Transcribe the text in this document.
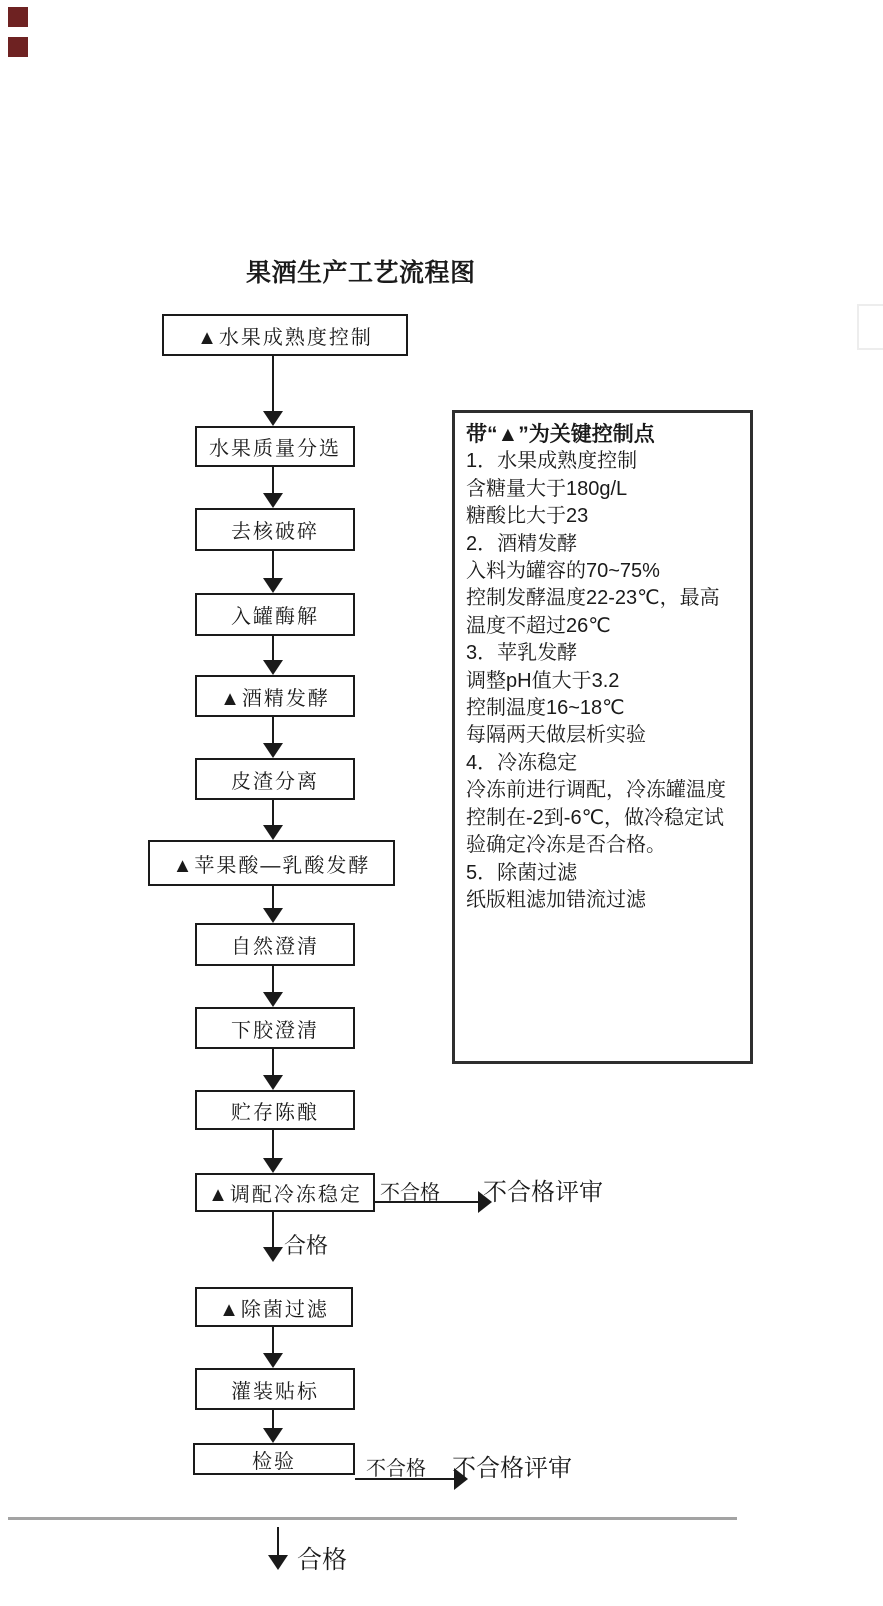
果酒生产工艺流程图
▲水果成熟度控制
水果质量分选
去核破碎
入罐酶解
▲酒精发酵
皮渣分离
▲苹果酸—乳酸发酵
自然澄清
下胶澄清
贮存陈酿
▲调配冷冻稳定
▲除菌过滤
灌装贴标
检验
不合格 不合格评审
合格
不合格 不合格评审
合格
带“▲”为关键控制点
1．水果成熟度控制
含糖量大于180g/L
糖酸比大于23
2．酒精发酵
入料为罐容的70~75%
控制发酵温度22-23℃，最高
温度不超过26℃
3．苹乳发酵
调整pH值大于3.2
控制温度16~18℃
每隔两天做层析实验
4．冷冻稳定
冷冻前进行调配，冷冻罐温度
控制在-2到-6℃，做冷稳定试
验确定冷冻是否合格。
5．除菌过滤
纸版粗滤加错流过滤
